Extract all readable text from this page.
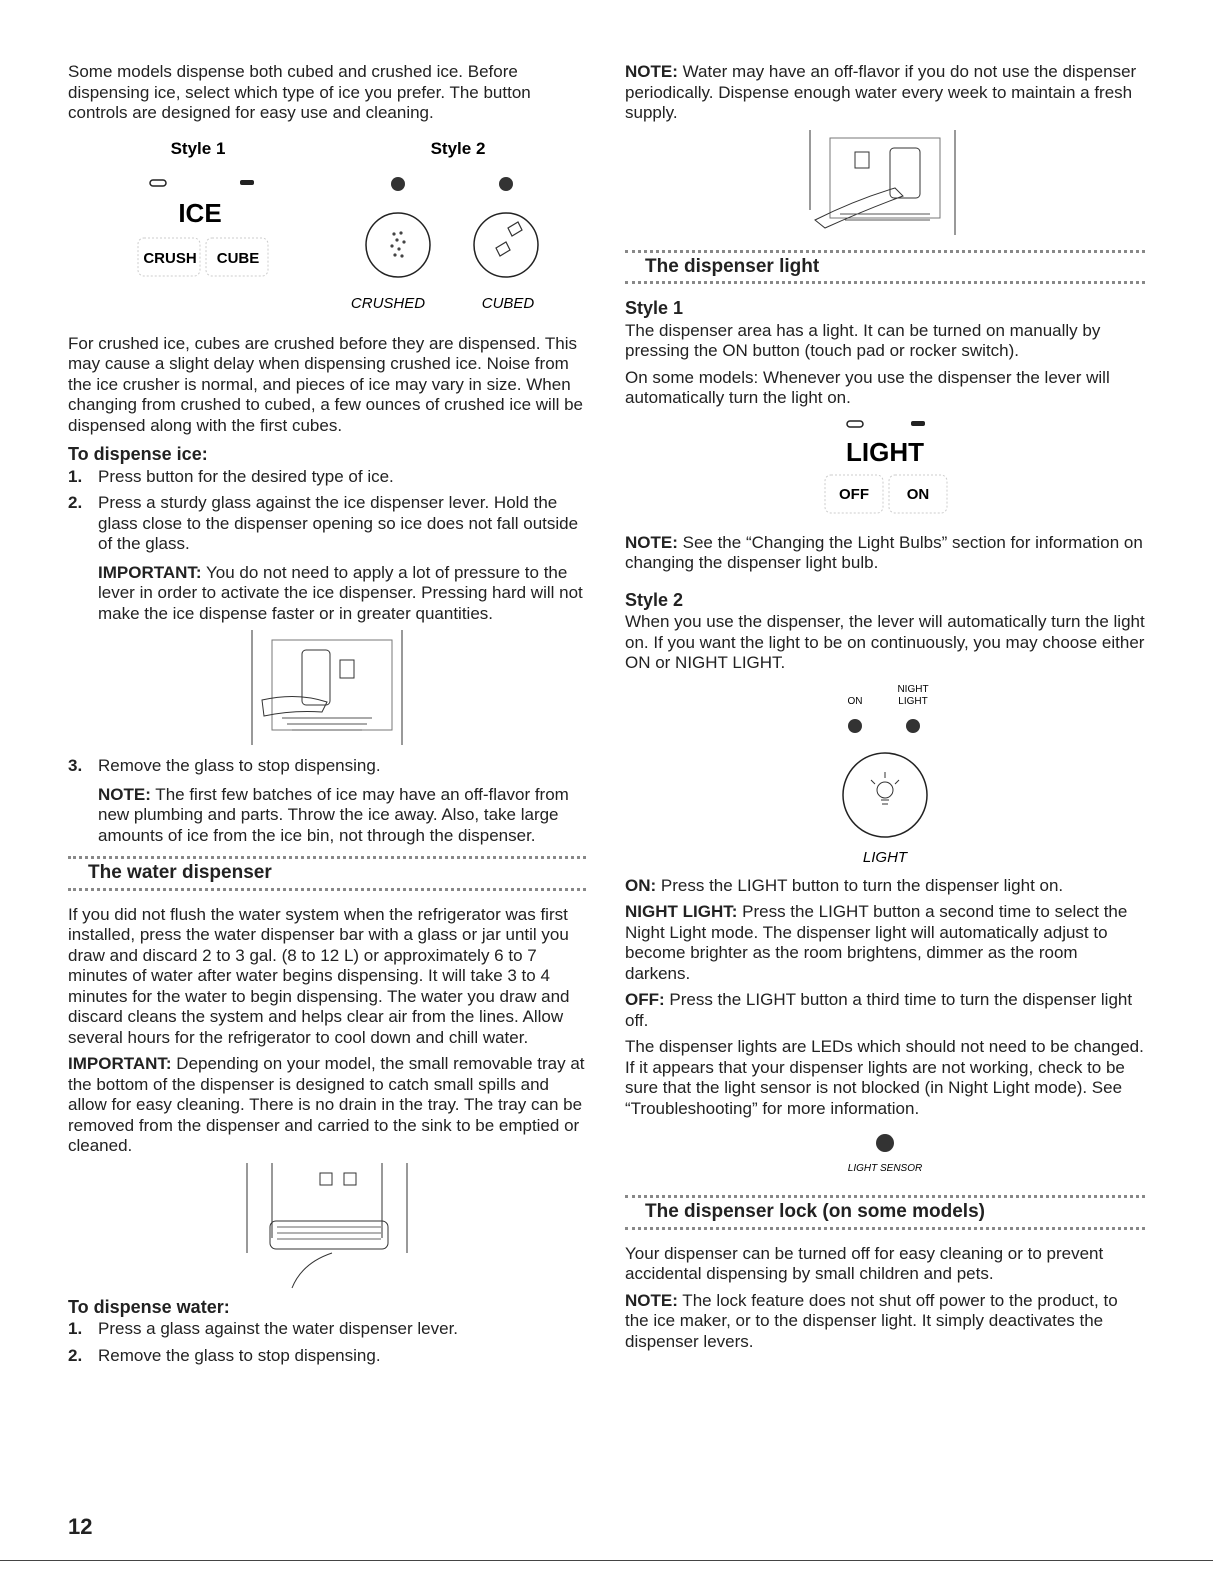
Some models dispense both cubed and crushed ice. Before dispensing ice, select which type of ice you prefer. The button controls are designed for easy use and cleaning.

Style 1	Style 2
ICE
CRUSH CUBE
CRUSHED	CUBED

For crushed ice, cubes are crushed before they are dispensed. This may cause a slight delay when dispensing crushed ice. Noise from the ice crusher is normal, and pieces of ice may vary in size. When changing from crushed to cubed, a few ounces of crushed ice will be dispensed along with the first cubes.

To dispense ice:
1. Press button for the desired type of ice.
2. Press a sturdy glass against the ice dispenser lever. Hold the glass close to the dispenser opening so ice does not fall outside of the glass.

IMPORTANT: You do not need to apply a lot of pressure to the lever in order to activate the ice dispenser. Pressing hard will not make the ice dispense faster or in greater quantities.

3. Remove the glass to stop dispensing.

NOTE: The first few batches of ice may have an off-flavor from new plumbing and parts. Throw the ice away. Also, take large amounts of ice from the ice bin, not through the dispenser.

The water dispenser

If you did not flush the water system when the refrigerator was first installed, press the water dispenser bar with a glass or jar until you draw and discard 2 to 3 gal. (8 to 12 L) or approximately 6 to 7 minutes of water after water begins dispensing. It will take 3 to 4 minutes for the water to begin dispensing. The water you draw and discard cleans the system and helps clear air from the lines. Allow several hours for the refrigerator to cool down and chill water.

IMPORTANT: Depending on your model, the small removable tray at the bottom of the dispenser is designed to catch small spills and allow for easy cleaning. There is no drain in the tray. The tray can be removed from the dispenser and carried to the sink to be emptied or cleaned.

To dispense water:
1. Press a glass against the water dispenser lever.
2. Remove the glass to stop dispensing.

NOTE: Water may have an off-flavor if you do not use the dispenser periodically. Dispense enough water every week to maintain a fresh supply.

The dispenser light
Style 1

The dispenser area has a light. It can be turned on manually by pressing the ON button (touch pad or rocker switch).

On some models: Whenever you use the dispenser the lever will automatically turn the light on.

LIGHT
OFF	ON

NOTE: See the “Changing the Light Bulbs” section for information on changing the dispenser light bulb.

Style 2

When you use the dispenser, the lever will automatically turn the light on. If you want the light to be on continuously, you may choose either ON or NIGHT LIGHT.

NIGHT
ON	LIGHT
LIGHT

ON: Press the LIGHT button to turn the dispenser light on.

NIGHT LIGHT: Press the LIGHT button a second time to select the Night Light mode. The dispenser light will automatically adjust to become brighter as the room brightens, dimmer as the room darkens.

OFF: Press the LIGHT button a third time to turn the dispenser light off.

The dispenser lights are LEDs which should not need to be changed. If it appears that your dispenser lights are not working, check to be sure that the light sensor is not blocked (in Night Light mode). See “Troubleshooting” for more information.

LIGHT SENSOR
The dispenser lock (on some models)

Your dispenser can be turned off for easy cleaning or to prevent accidental dispensing by small children and pets.

NOTE: The lock feature does not shut off power to the product, to the ice maker, or to the dispenser light. It simply deactivates the dispenser levers.

12
